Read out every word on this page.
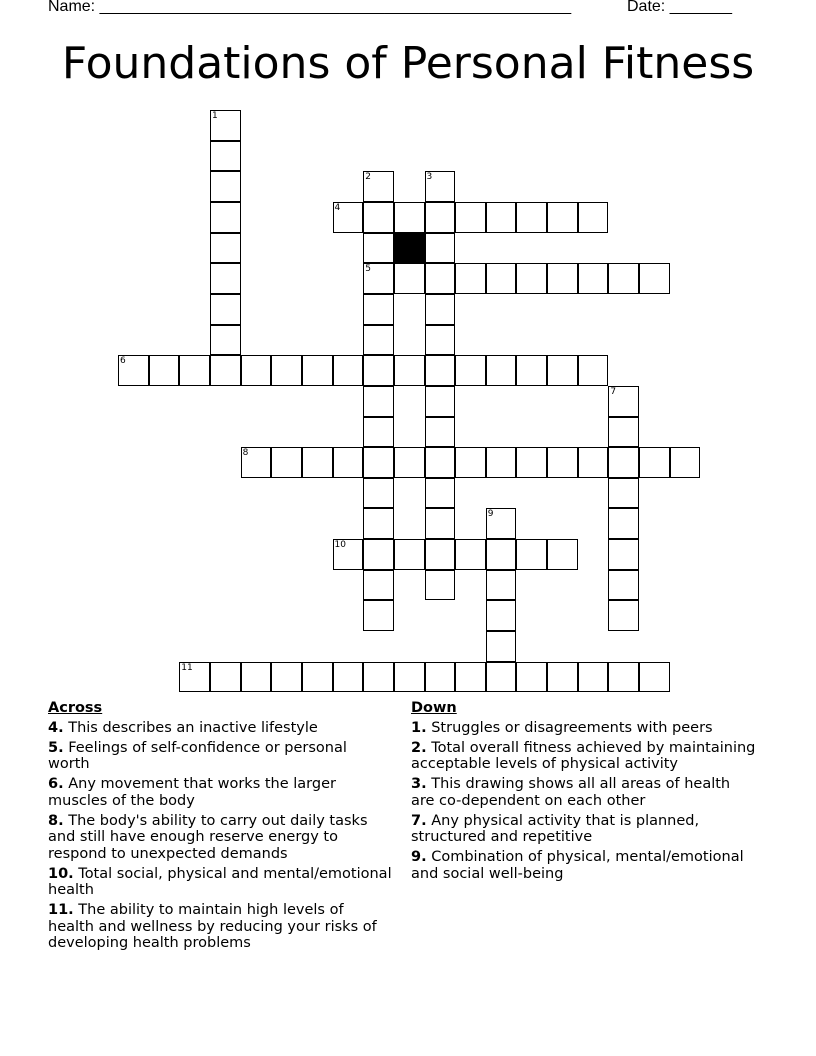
Name: _____________________________________________________	Date: _______
Foundations of Personal Fitness
4
5
6
8
10
11
1
2	3
7
9
Across
4. This describes an inactive lifestyle
5. Feelings of self-confidence or personal worth
6. Any movement that works the larger muscles of the body
8. The body's ability to carry out daily tasks and still have enough reserve energy to respond to unexpected demands
10. Total social, physical and mental/emotional health
11. The ability to maintain high levels of health and wellness by reducing your risks of developing health problems
Down
1. Struggles or disagreements with peers
2. Total overall fitness achieved by maintaining acceptable levels of physical activity
3. This drawing shows all all areas of health are co-dependent on each other
7. Any physical activity that is planned, structured and repetitive
9. Combination of physical, mental/emotional and social well-being
